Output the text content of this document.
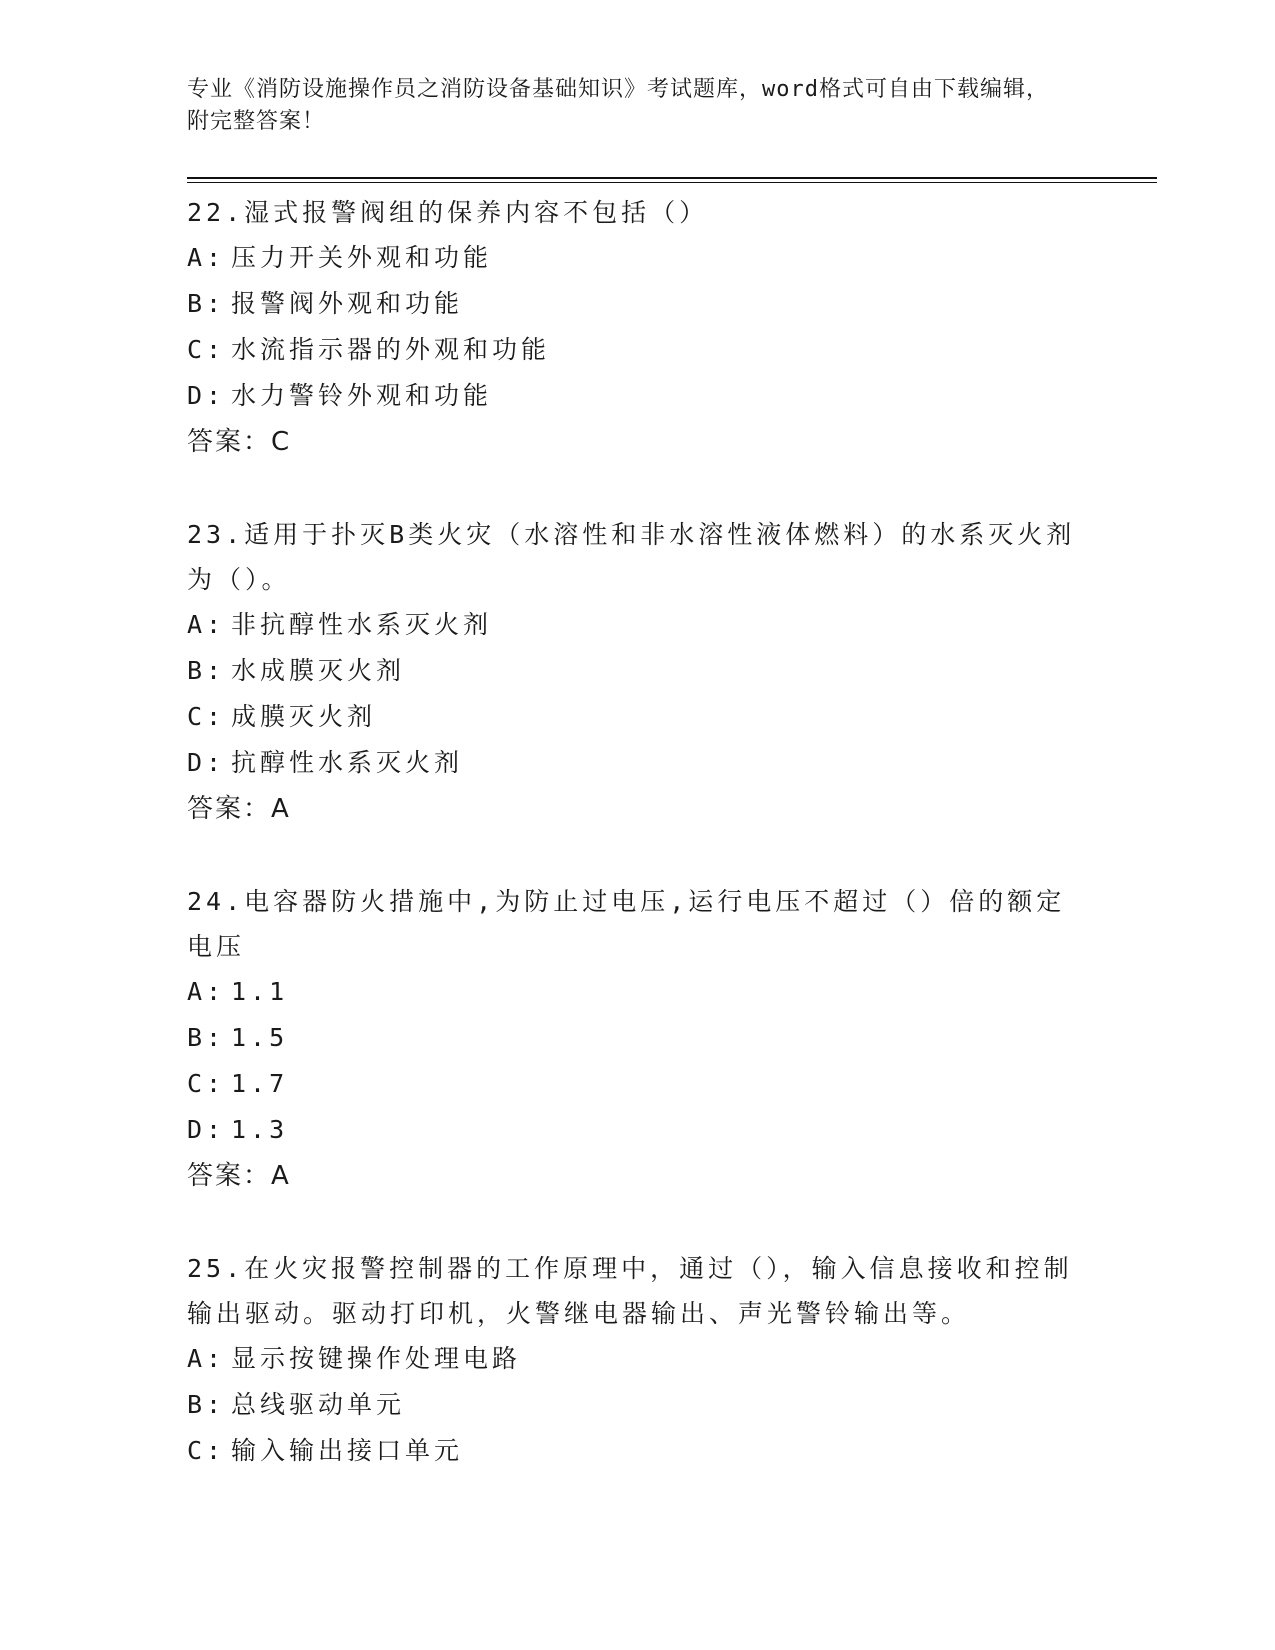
专业《消防设施操作员之消防设备基础知识》考试题库，word格式可自由下载编辑，附完整答案！

22.湿式报警阀组的保养内容不包括（）

A: 压力开关外观和功能

B: 报警阀外观和功能

C: 水流指示器的外观和功能

D: 水力警铃外观和功能

答案：C

23.适用于扑灭B类火灾（水溶性和非水溶性液体燃料）的水系灭火剂为（）。

A: 非抗醇性水系灭火剂

B: 水成膜灭火剂

C: 成膜灭火剂

D: 抗醇性水系灭火剂

答案：A

24.电容器防火措施中,为防止过电压,运行电压不超过（）倍的额定电压

A: 1.1

B: 1.5

C: 1.7

D: 1.3

答案：A

25.在火灾报警控制器的工作原理中，通过（），输入信息接收和控制输出驱动。驱动打印机，火警继电器输出、声光警铃输出等。

A: 显示按键操作处理电路

B: 总线驱动单元

C: 输入输出接口单元
